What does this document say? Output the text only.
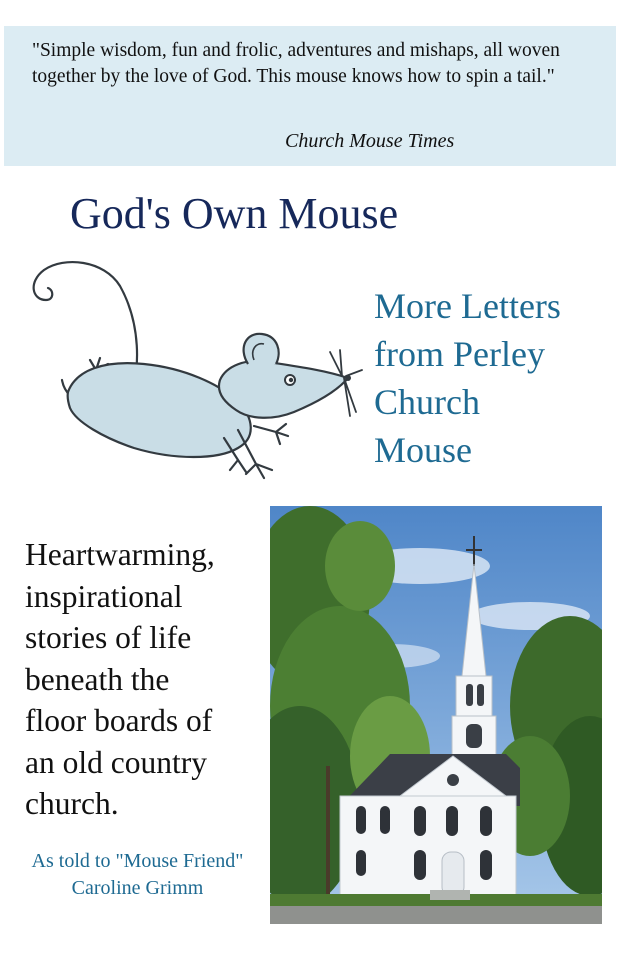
"Simple wisdom, fun and frolic, adventures and mishaps, all woven together by the love of God. This mouse knows how to spin a tail."
Church Mouse Times
God's Own Mouse
More Letters
from Perley
Church
Mouse
Heartwarming,
inspirational
stories of life
beneath the
floor boards of
an old country
church.
As told to "Mouse Friend"
Caroline Grimm
